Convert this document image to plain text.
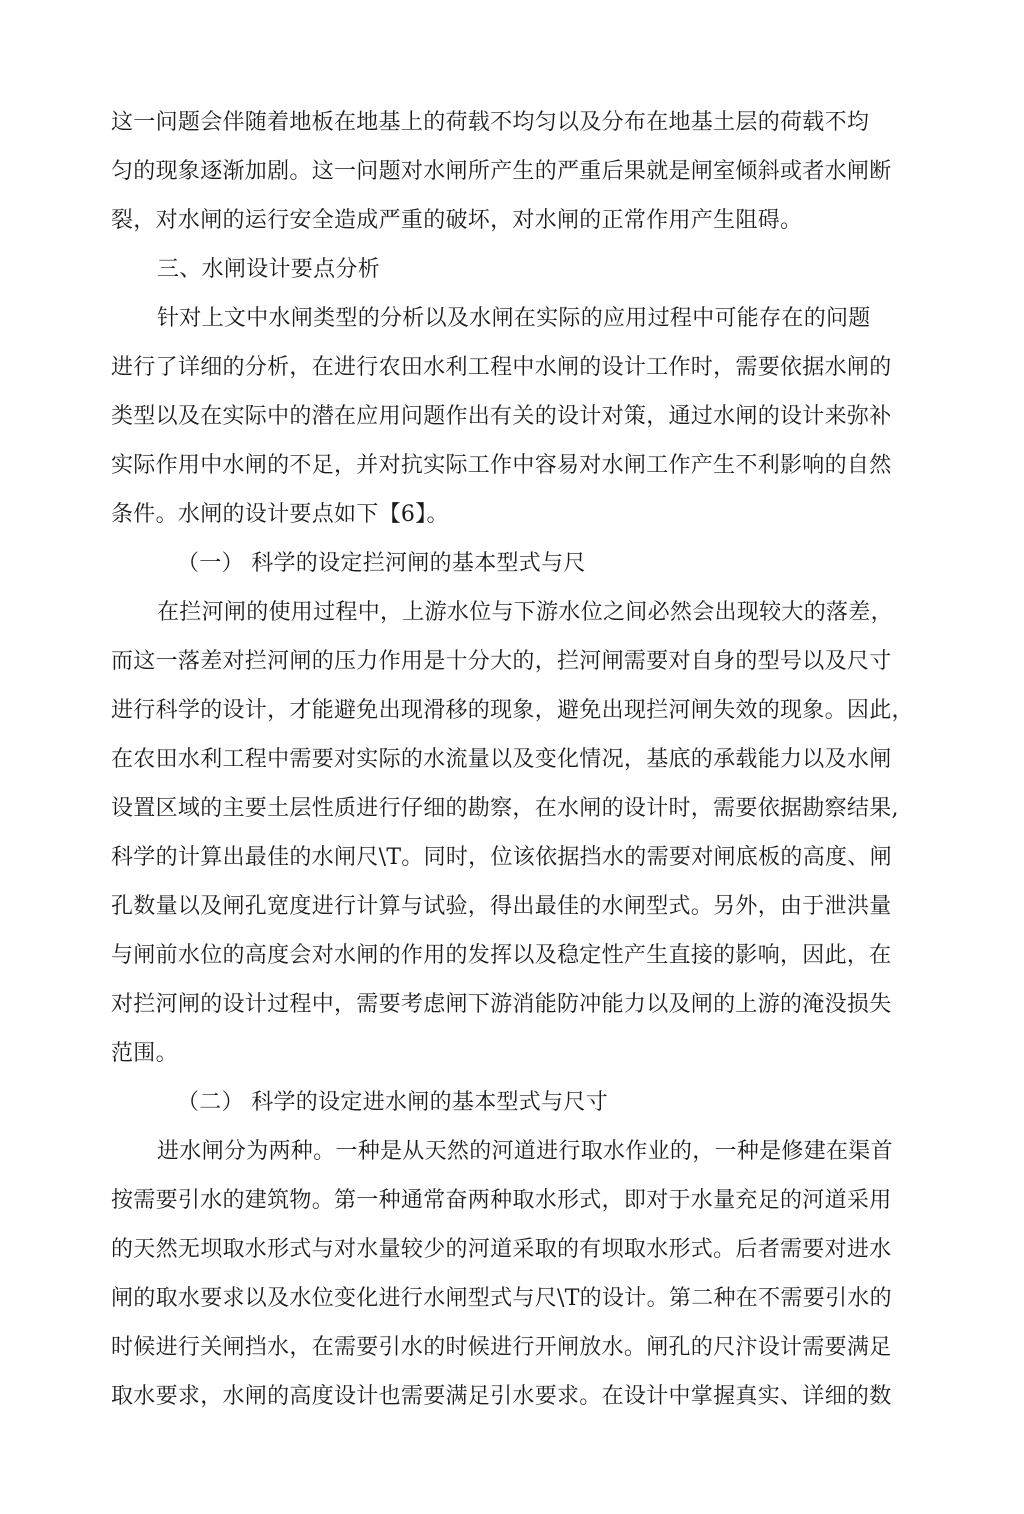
这一问题会伴随着地板在地基上的荷载不均匀以及分布在地基土层的荷载不均
匀的现象逐渐加剧。这一问题对水闸所产生的严重后果就是闸室倾斜或者水闸断
裂，对水闸的运行安全造成严重的破坏，对水闸的正常作用产生阻碍。
三、水闸设计要点分析
针对上文中水闸类型的分析以及水闸在实际的应用过程中可能存在的问题
进行了详细的分析，在进行农田水利工程中水闸的设计工作时，需要依据水闸的
类型以及在实际中的潜在应用问题作出有关的设计对策，通过水闸的设计来弥补
实际作用中水闸的不足，并对抗实际工作中容易对水闸工作产生不利影响的自然
条件。水闸的设计要点如下【6】。
（一） 科学的设定拦河闸的基本型式与尺
在拦河闸的使用过程中，上游水位与下游水位之间必然会出现较大的落差，
而这一落差对拦河闸的压力作用是十分大的，拦河闸需要对自身的型号以及尺寸
进行科学的设计，才能避免出现滑移的现象，避免出现拦河闸失效的现象。因此，
在农田水利工程中需要对实际的水流量以及变化情况，基底的承载能力以及水闸
设置区域的主要土层性质进行仔细的勘察，在水闸的设计时，需要依据勘察结果,
科学的计算出最佳的水闸尺\T。同时，位该依据挡水的需要对闸底板的高度、闸
孔数量以及闸孔宽度进行计算与试验，得出最佳的水闸型式。另外，由于泄洪量
与闸前水位的高度会对水闸的作用的发挥以及稳定性产生直接的影响，因此，在
对拦河闸的设计过程中，需要考虑闸下游消能防冲能力以及闸的上游的淹没损失
范围。
（二） 科学的设定进水闸的基本型式与尺寸
进水闸分为两种。一种是从天然的河道进行取水作业的，一种是修建在渠首
按需要引水的建筑物。第一种通常奋两种取水形式，即对于水量充足的河道采用
的天然无坝取水形式与对水量较少的河道采取的有坝取水形式。后者需要对进水
闸的取水要求以及水位变化进行水闸型式与尺\T的设计。第二种在不需要引水的
时候进行关闸挡水，在需要引水的时候进行开闸放水。闸孔的尺汴设计需要满足
取水要求，水闸的高度设计也需要满足引水要求。在设计中掌握真实、详细的数
